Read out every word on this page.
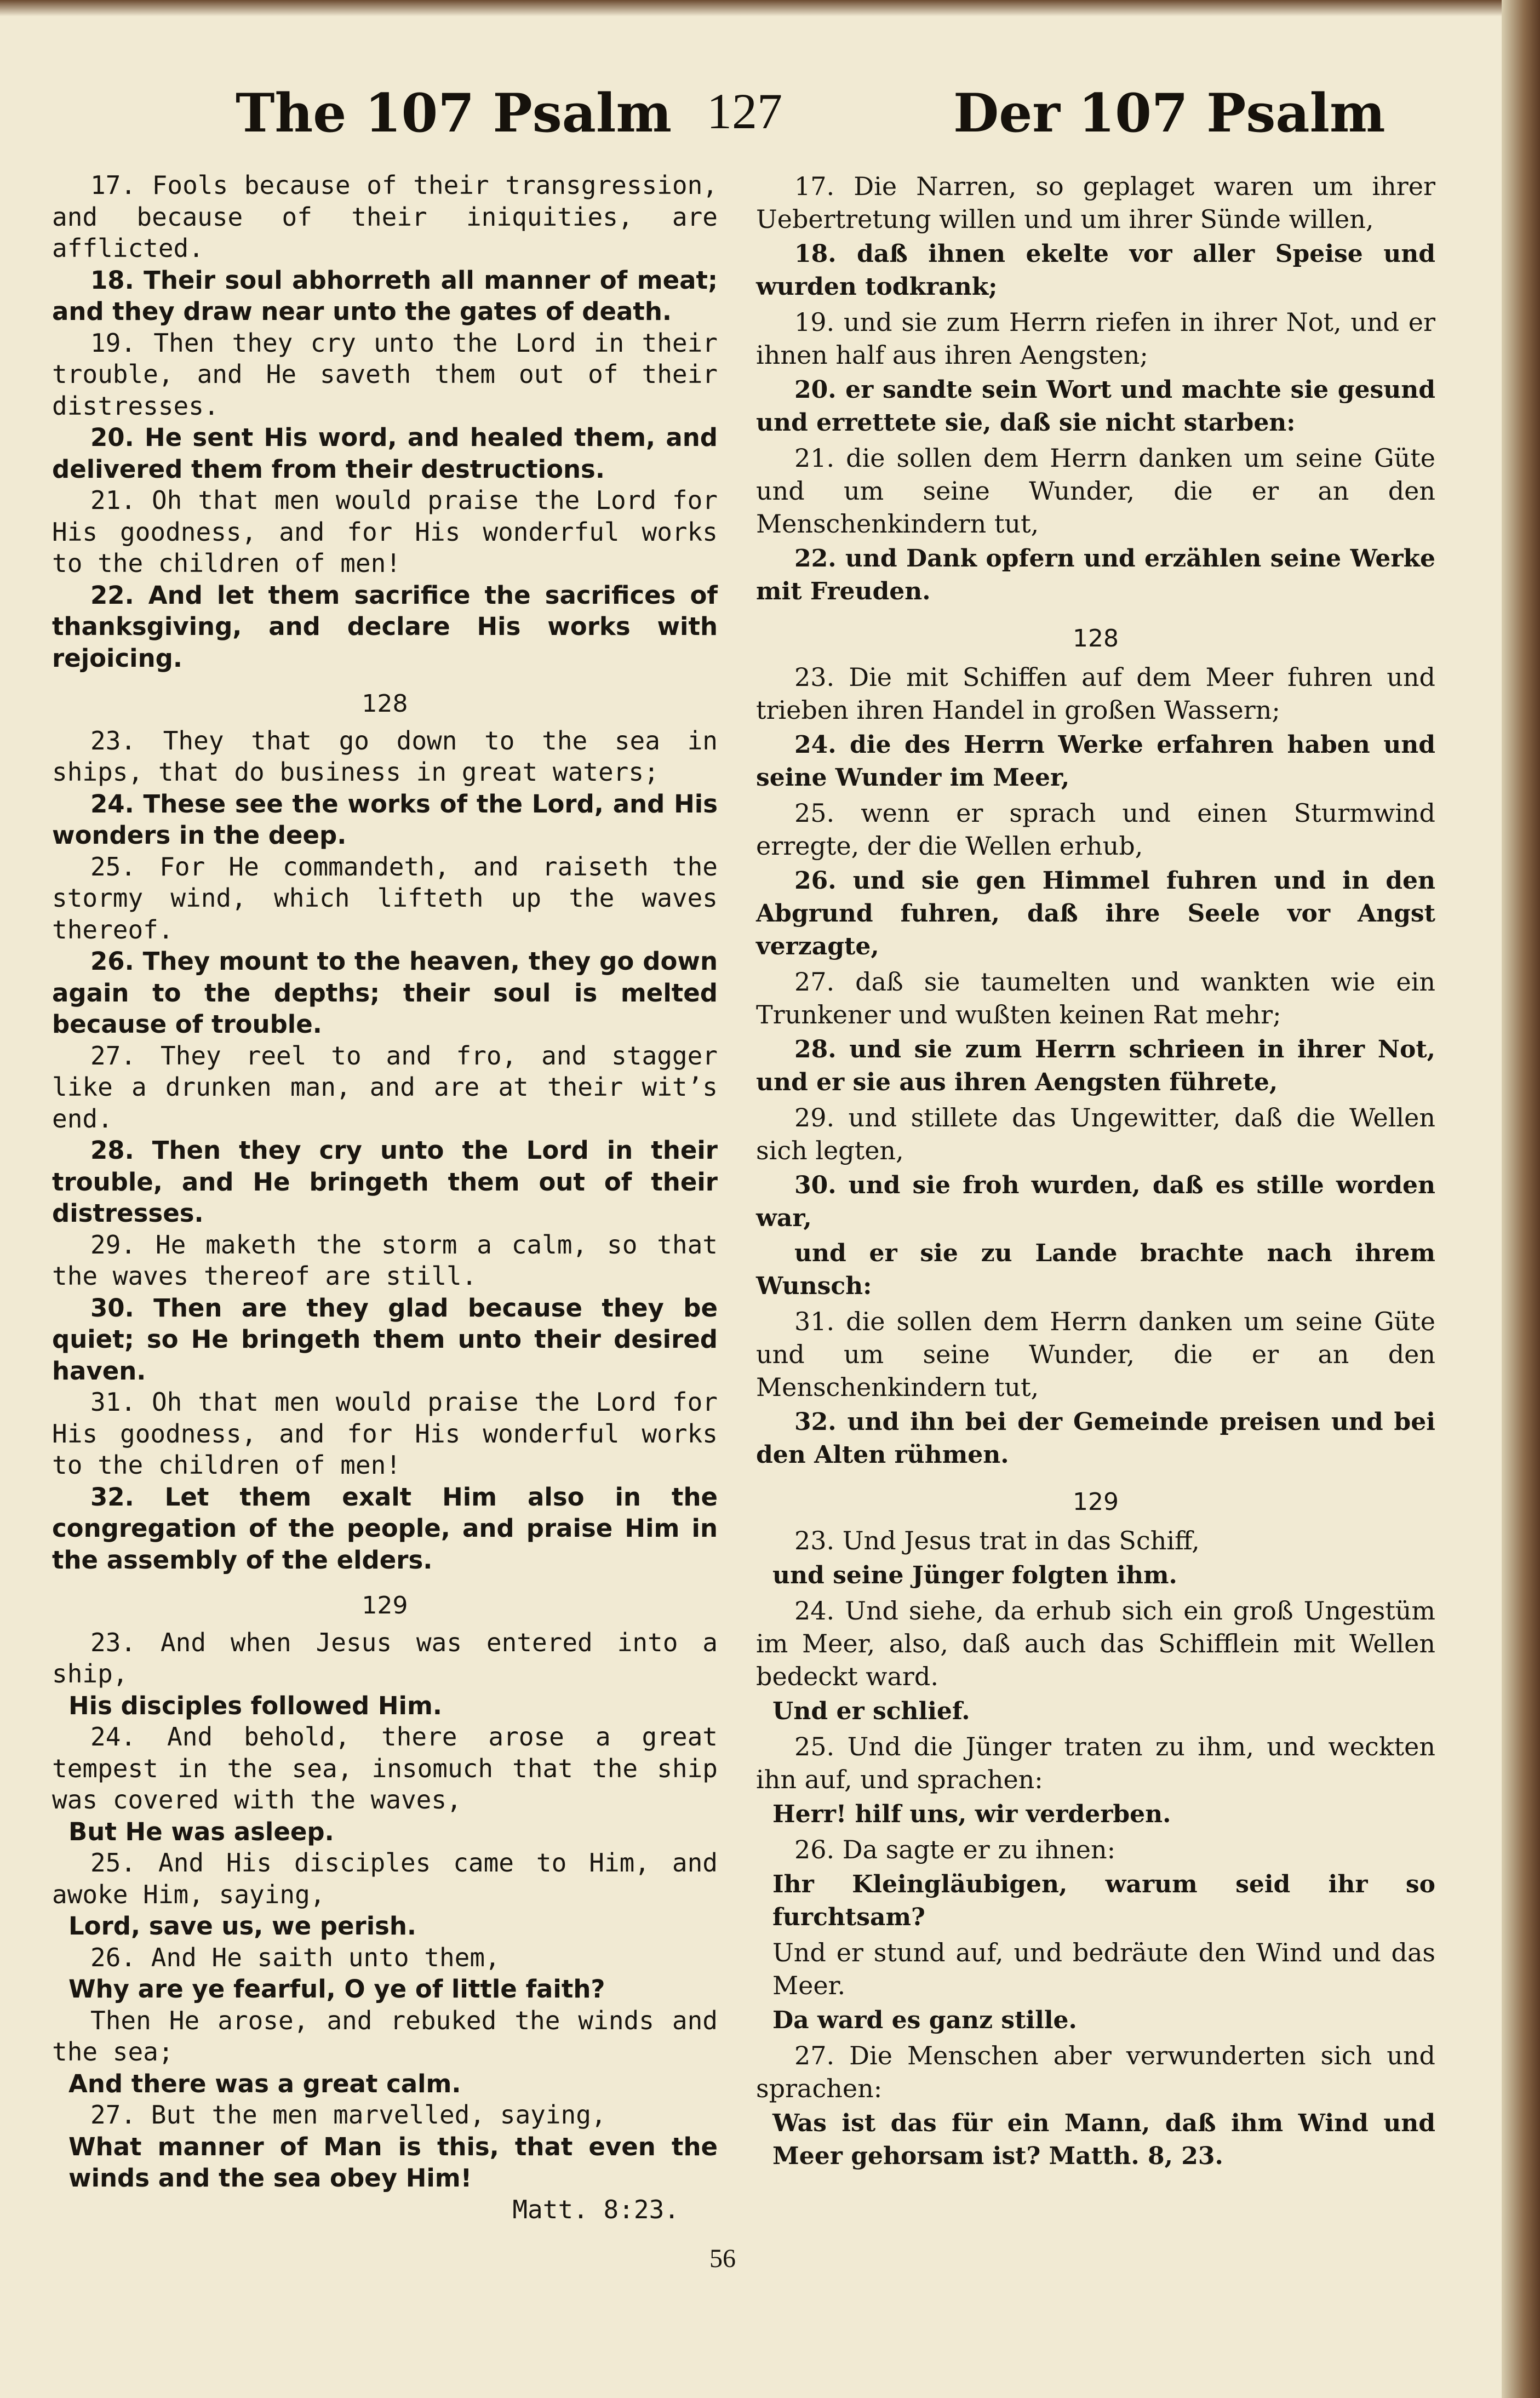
The 107 Psalm 127	Der 107 Psalm
17. Fools because of their transgression, and because of their iniquities, are afflicted.
18. Their soul abhorreth all manner of meat; and they draw near unto the gates of death.
19. Then they cry unto the Lord in their trouble, and He saveth them out of their distresses.
20. He sent His word, and healed them, and delivered them from their destructions.
21. Oh that men would praise the Lord for His goodness, and for His wonderful works to the children of men!
22. And let them sacrifice the sacrifices of thanksgiving, and declare His works with rejoicing.
128
23. They that go down to the sea in ships, that do business in great waters;
24. These see the works of the Lord, and His wonders in the deep.
25. For He commandeth, and raiseth the stormy wind, which lifteth up the waves thereof.
26. They mount to the heaven, they go down again to the depths; their soul is melted because of trouble.
27. They reel to and fro, and stagger like a drunken man, and are at their wit’s end.
28. Then they cry unto the Lord in their trouble, and He bringeth them out of their distresses.
29. He maketh the storm a calm, so that the waves thereof are still.
30. Then are they glad because they be quiet; so He bringeth them unto their desired haven.
31. Oh that men would praise the Lord for His goodness, and for His wonderful works to the children of men!
32. Let them exalt Him also in the congregation of the people, and praise Him in the assembly of the elders.
129
23. And when Jesus was entered into a ship,
His disciples followed Him.
24. And behold, there arose a great tempest in the sea, insomuch that the ship was covered with the waves,
But He was asleep.
25. And His disciples came to Him, and awoke Him, saying,
Lord, save us, we perish.
26. And He saith unto them,
Why are ye fearful, O ye of little faith?
Then He arose, and rebuked the winds and the sea;
And there was a great calm.
27. But the men marvelled, saying,
What manner of Man is this, that even the winds and the sea obey Him!
Matt. 8:23.
17. Die Narren, so geplaget waren um ihrer Uebertretung willen und um ihrer Sünde willen,
18. daß ihnen ekelte vor aller Speise und wurden todkrank;
19. und sie zum Herrn riefen in ihrer Not, und er ihnen half aus ihren Aengsten;
20. er sandte sein Wort und machte sie gesund und errettete sie, daß sie nicht starben:
21. die sollen dem Herrn danken um seine Güte und um seine Wunder, die er an den Menschenkindern tut,
22. und Dank opfern und erzählen seine Werke mit Freuden.
128
23. Die mit Schiffen auf dem Meer fuhren und trieben ihren Handel in großen Wassern;
24. die des Herrn Werke erfahren haben und seine Wunder im Meer,
25. wenn er sprach und einen Sturmwind erregte, der die Wellen erhub,
26. und sie gen Himmel fuhren und in den Abgrund fuhren, daß ihre Seele vor Angst verzagte,
27. daß sie taumelten und wankten wie ein Trunkener und wußten keinen Rat mehr;
28. und sie zum Herrn schrieen in ihrer Not, und er sie aus ihren Aengsten führete,
29. und stillete das Ungewitter, daß die Wellen sich legten,
30. und sie froh wurden, daß es stille worden war,
und er sie zu Lande brachte nach ihrem Wunsch:
31. die sollen dem Herrn danken um seine Güte und um seine Wunder, die er an den Menschenkindern tut,
32. und ihn bei der Gemeinde preisen und bei den Alten rühmen.
129
23. Und Jesus trat in das Schiff,
und seine Jünger folgten ihm.
24. Und siehe, da erhub sich ein groß Ungestüm im Meer, also, daß auch das Schifflein mit Wellen bedeckt ward.
Und er schlief.
25. Und die Jünger traten zu ihm, und weckten ihn auf, und sprachen:
Herr! hilf uns, wir verderben.
26. Da sagte er zu ihnen:
Ihr Kleingläubigen, warum seid ihr so furchtsam?
Und er stund auf, und bedräute den Wind und das Meer.
Da ward es ganz stille.
27. Die Menschen aber verwunderten sich und sprachen:
Was ist das für ein Mann, daß ihm Wind und Meer gehorsam ist? Matth. 8, 23.
56
